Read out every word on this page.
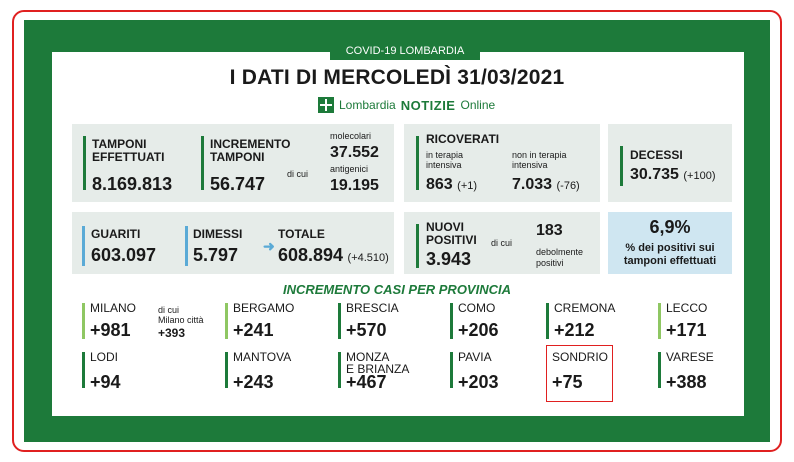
COVID-19 LOMBARDIA
I DATI DI MERCOLEDÌ 31/03/2021
Lombardia NOTIZIE Online
TAMPONI
EFFETTUATI
8.169.813
INCREMENTO
TAMPONI
56.747 di cui
molecolari
37.552
antigenici
19.195
RICOVERATI
in terapia
intensiva
863 (+1)
non in terapia
intensiva
7.033 (-76)
DECESSI
30.735 (+100)
GUARITI
603.097
DIMESSI
5.797 ➜
TOTALE
608.894 (+4.510)
NUOVI
POSITIVI
3.943
di cui
183
debolmente
positivi
6,9%
% dei positivi sui
tamponi effettuati
INCREMENTO CASI PER PROVINCIA
MILANO
+981
di cui
Milano città
+393
BERGAMO
+241
BRESCIA
+570
COMO
+206
CREMONA
+212
LECCO
+171
LODI
+94
MANTOVA
+243
MONZA
E BRIANZA
+467
PAVIA
+203
SONDRIO
+75
VARESE
+388
